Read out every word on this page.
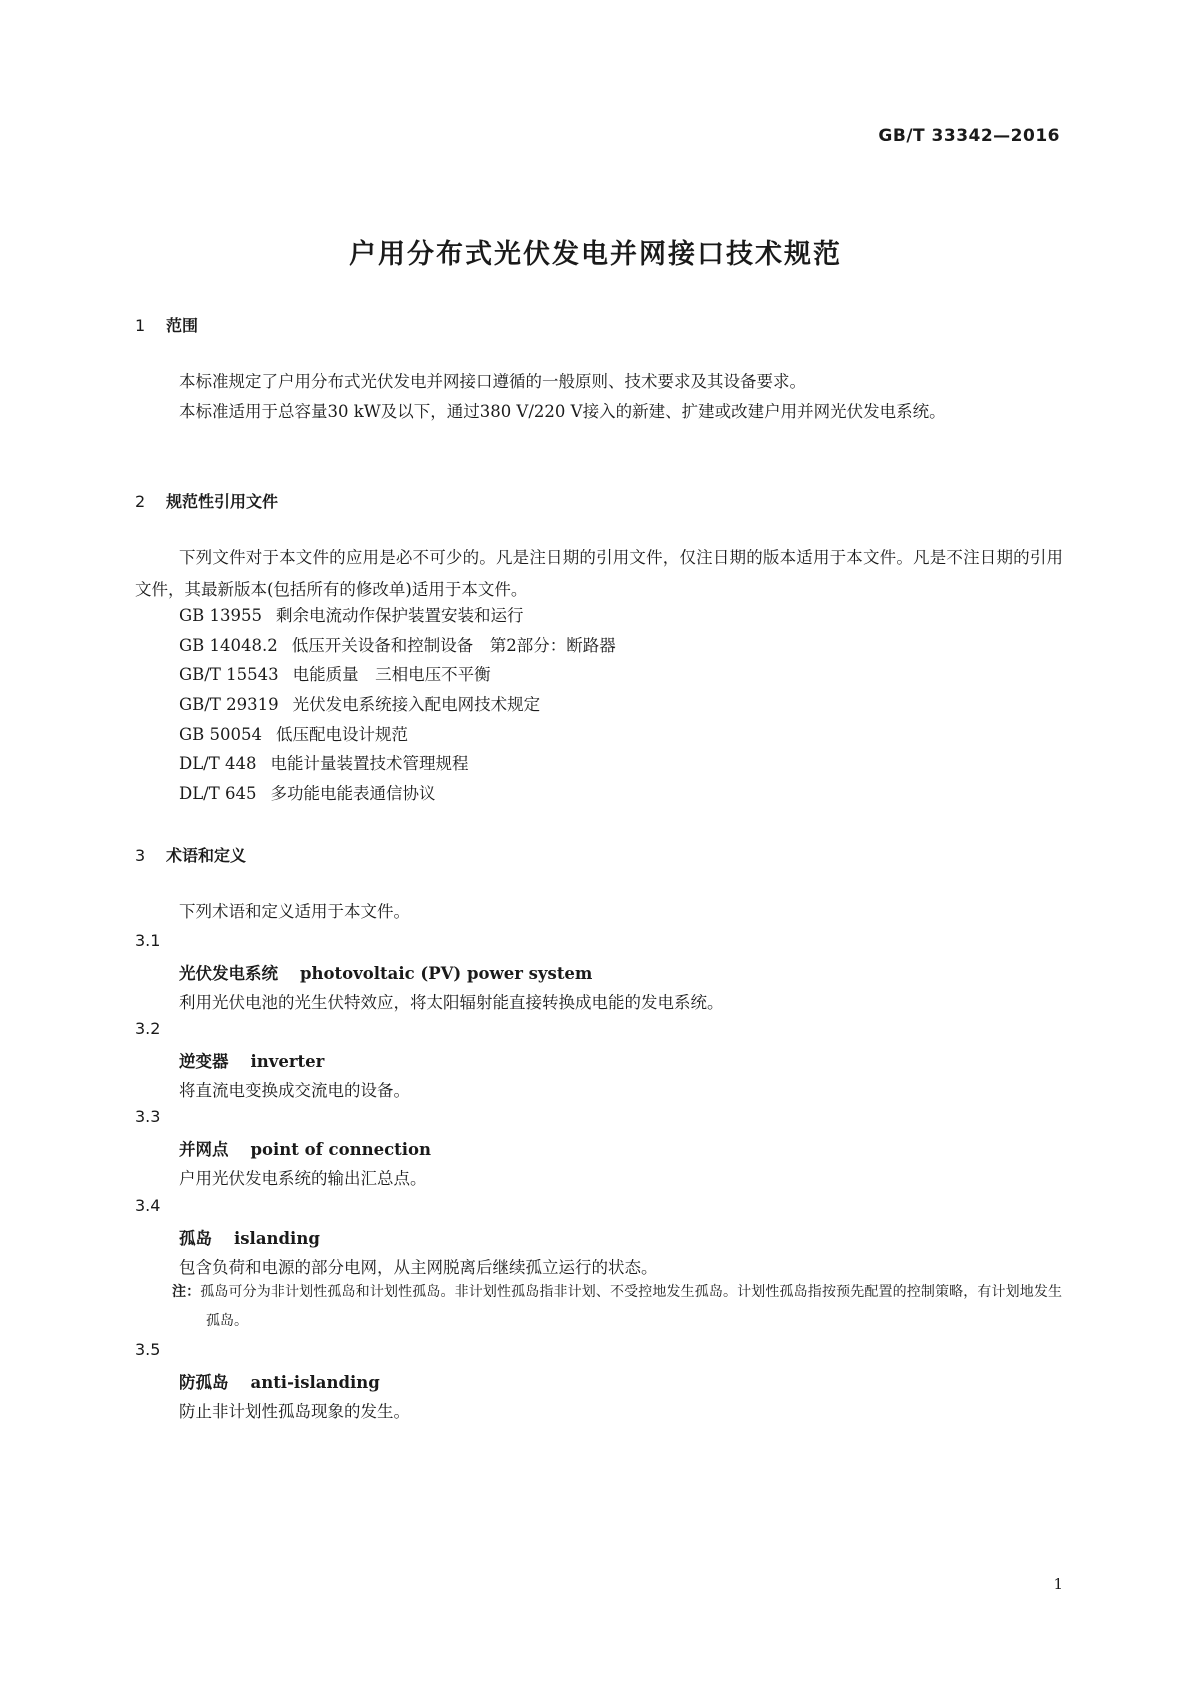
GB/T 33342—2016
户用分布式光伏发电并网接口技术规范
1 范围

本标准规定了户用分布式光伏发电并网接口遵循的一般原则、技术要求及其设备要求。

本标准适用于总容量30 kW及以下，通过380 V/220 V接入的新建、扩建或改建户用并网光伏发电系统。

2 规范性引用文件

下列文件对于本文件的应用是必不可少的。凡是注日期的引用文件，仅注日期的版本适用于本文件。凡是不注日期的引用文件，其最新版本(包括所有的修改单)适用于本文件。

GB 13955 剩余电流动作保护装置安装和运行
GB 14048.2 低压开关设备和控制设备　第2部分：断路器
GB/T 15543 电能质量　三相电压不平衡
GB/T 29319 光伏发电系统接入配电网技术规定
GB 50054 低压配电设计规范
DL/T 448 电能计量装置技术管理规程
DL/T 645 多功能电能表通信协议
3 术语和定义

下列术语和定义适用于本文件。

3.1
光伏发电系统 photovoltaic (PV) power system
利用光伏电池的光生伏特效应，将太阳辐射能直接转换成电能的发电系统。
3.2
逆变器 inverter
将直流电变换成交流电的设备。
3.3
并网点 point of connection
户用光伏发电系统的输出汇总点。
3.4
孤岛 islanding
包含负荷和电源的部分电网，从主网脱离后继续孤立运行的状态。

注：孤岛可分为非计划性孤岛和计划性孤岛。非计划性孤岛指非计划、不受控地发生孤岛。计划性孤岛指按预先配置的控制策略，有计划地发生孤岛。

3.5
防孤岛 anti-islanding
防止非计划性孤岛现象的发生。
1
